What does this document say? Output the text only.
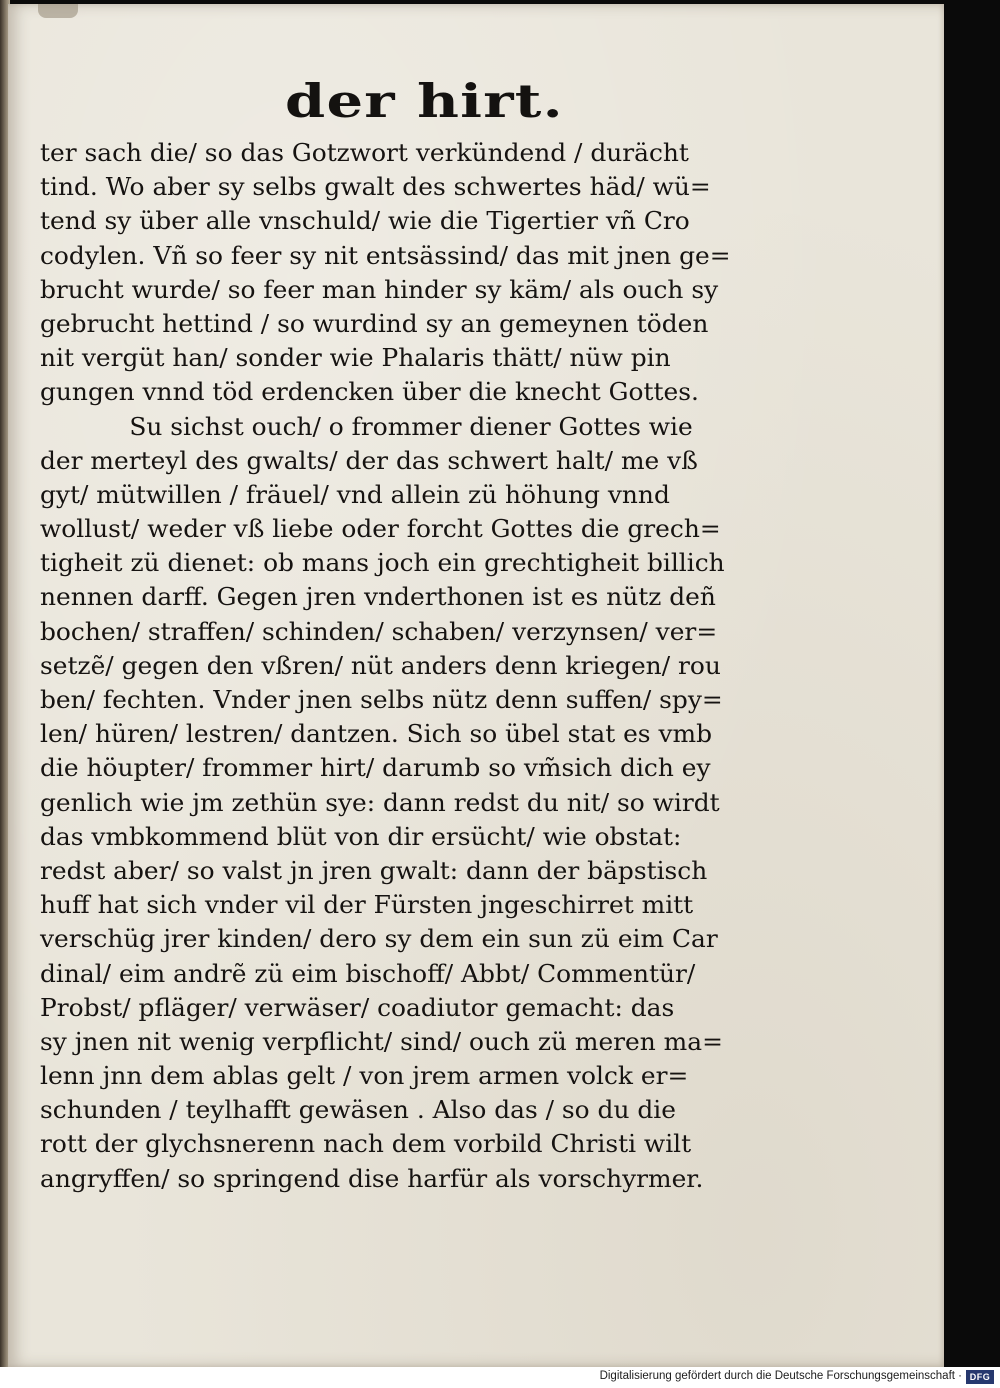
der hirt.
ter sach die/ so das Gotzwort verkündend / durächt
tind. Wo aber sy selbs gwalt des schwertes häd/ wü=
tend sy über alle vnschuld/ wie die Tigertier vñ Cro
codylen. Vñ so feer sy nit entsässind/ das mit jnen ge=
brucht wurde/ so feer man hinder sy käm/ als ouch sy
gebrucht hettind / so wurdind sy an gemeynen töden
nit vergüt han/ sonder wie Phalaris thätt/ nüw pin
gungen vnnd töd erdencken über die knecht Gottes.
Su sichst ouch/ o frommer diener Gottes wie
der merteyl des gwalts/ der das schwert halt/ me vß
gyt/ mütwillen / fräuel/ vnd allein zü höhung vnnd
wollust/ weder vß liebe oder forcht Gottes die grech=
tigheit zü dienet: ob mans joch ein grechtigheit billich
nennen darff. Gegen jren vnderthonen ist es nütz deñ
bochen/ straffen/ schinden/ schaben/ verzynsen/ ver=
setzẽ/ gegen den vßren/ nüt anders denn kriegen/ rou
ben/ fechten. Vnder jnen selbs nütz denn suffen/ spy=
len/ hüren/ lestren/ dantzen. Sich so übel stat es vmb
die höupter/ frommer hirt/ darumb so vm̃sich dich ey
genlich wie jm zethün sye: dann redst du nit/ so wirdt
das vmbkommend blüt von dir ersücht/ wie obstat:
redst aber/ so valst jn jren gwalt: dann der bäpstisch
huff hat sich vnder vil der Fürsten jngeschirret mitt
verschüg jrer kinden/ dero sy dem ein sun zü eim Car
dinal/ eim andrẽ zü eim bischoff/ Abbt/ Commentür/
Probst/ pfläger/ verwäser/ coadiutor gemacht: das
sy jnen nit wenig verpflicht/ sind/ ouch zü meren ma=
lenn jnn dem ablas gelt / von jrem armen volck er=
schunden / teylhafft gewäsen . Also das / so du die
rott der glychsnerenn nach dem vorbild Christi wilt
angryffen/ so springend dise harfür als vorschyrmer.
Digitalisierung gefördert durch die Deutsche Forschungsgemeinschaft · DFG
